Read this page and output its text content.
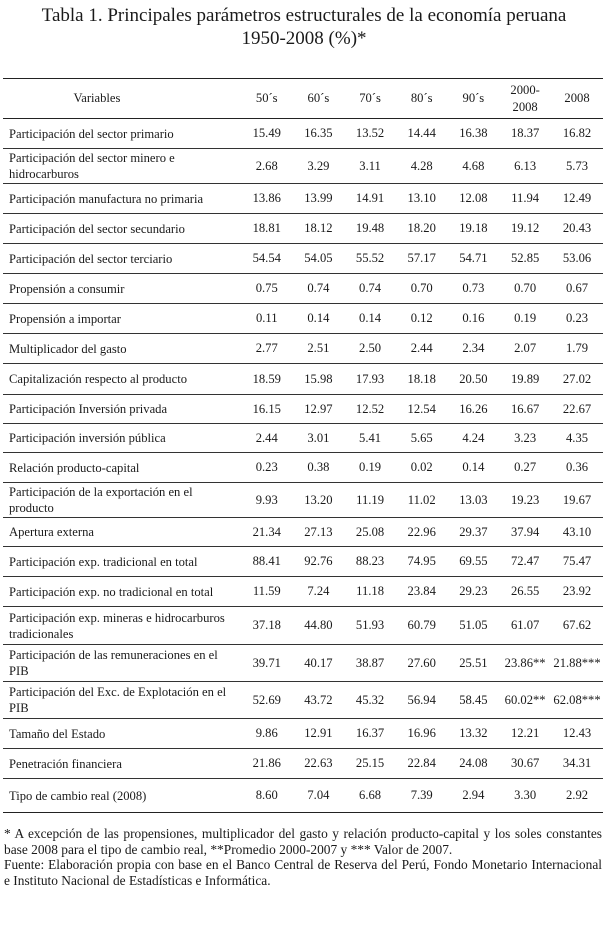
Tabla 1. Principales parámetros estructurales de la economía peruana
1950-2008 (%)*
Variables	50´s	60´s	70´s	80´s	90´s	2000-2008	2008
Participación del sector primario	15.49	16.35	13.52	14.44	16.38	18.37	16.82
Participación del sector minero e hidrocarburos	2.68	3.29	3.11	4.28	4.68	6.13	5.73
Participación manufactura no primaria	13.86	13.99	14.91	13.10	12.08	11.94	12.49
Participación del sector secundario	18.81	18.12	19.48	18.20	19.18	19.12	20.43
Participación del sector terciario	54.54	54.05	55.52	57.17	54.71	52.85	53.06
Propensión a consumir	0.75	0.74	0.74	0.70	0.73	0.70	0.67
Propensión a importar	0.11	0.14	0.14	0.12	0.16	0.19	0.23
Multiplicador del gasto	2.77	2.51	2.50	2.44	2.34	2.07	1.79
Capitalización respecto al producto	18.59	15.98	17.93	18.18	20.50	19.89	27.02
Participación Inversión privada	16.15	12.97	12.52	12.54	16.26	16.67	22.67
Participación inversión pública	2.44	3.01	5.41	5.65	4.24	3.23	4.35
Relación producto-capital	0.23	0.38	0.19	0.02	0.14	0.27	0.36
Participación de la exportación en el producto	9.93	13.20	11.19	11.02	13.03	19.23	19.67
Apertura externa	21.34	27.13	25.08	22.96	29.37	37.94	43.10
Participación exp. tradicional en total	88.41	92.76	88.23	74.95	69.55	72.47	75.47
Participación exp. no tradicional en total	11.59	7.24	11.18	23.84	29.23	26.55	23.92
Participación exp. mineras e hidrocarburos tradicionales	37.18	44.80	51.93	60.79	51.05	61.07	67.62
Participación de las remuneraciones en el PIB	39.71	40.17	38.87	27.60	25.51	23.86**	21.88***
Participación del Exc. de Explotación en el PIB	52.69	43.72	45.32	56.94	58.45	60.02**	62.08***
Tamaño del Estado	9.86	12.91	16.37	16.96	13.32	12.21	12.43
Penetración financiera	21.86	22.63	25.15	22.84	24.08	30.67	34.31
Tipo de cambio real (2008)	8.60	7.04	6.68	7.39	2.94	3.30	2.92

* A excepción de las propensiones, multiplicador del gasto y relación producto-capital y los soles constantes base 2008 para el tipo de cambio real, **Promedio 2000-2007 y *** Valor de 2007.

Fuente: Elaboración propia con base en el Banco Central de Reserva del Perú, Fondo Monetario Internacional e Instituto Nacional de Estadísticas e Informática.
